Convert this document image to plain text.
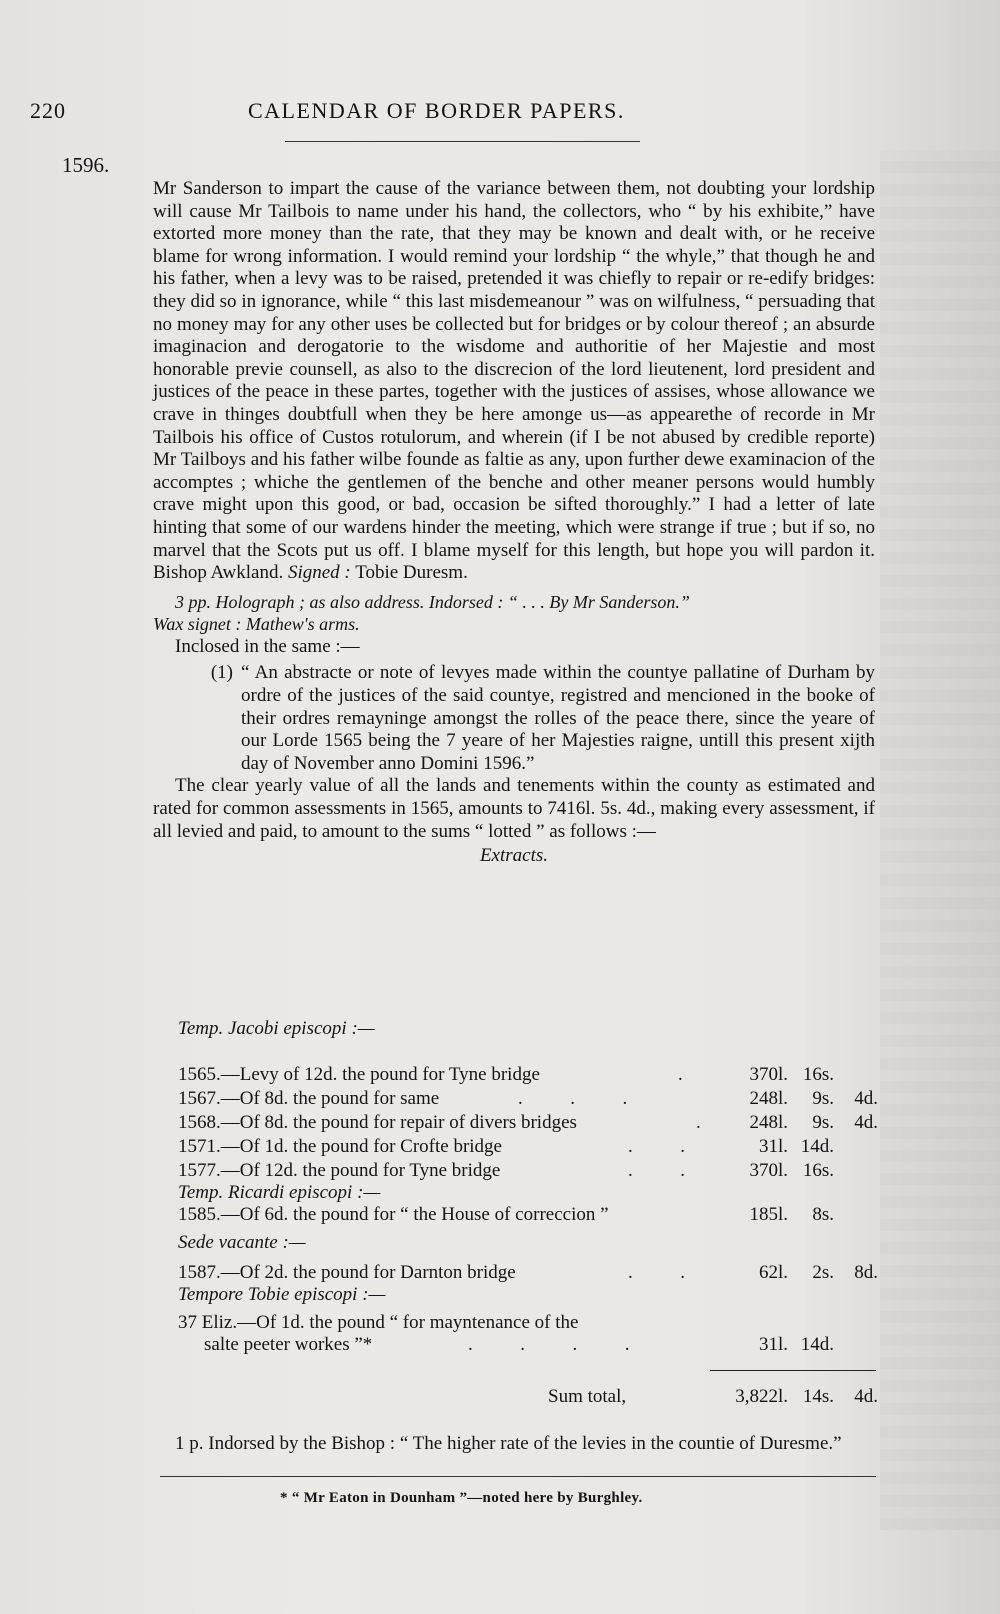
220	CALENDAR OF BORDER PAPERS.
1596.

Mr Sanderson to impart the cause of the variance between them, not doubting your lordship will cause Mr Tailbois to name under his hand, the collectors, who “ by his exhibite,” have extorted more money than the rate, that they may be known and dealt with, or he receive blame for wrong information. I would remind your lordship “ the whyle,” that though he and his father, when a levy was to be raised, pretended it was chiefly to repair or re-edify bridges: they did so in ignorance, while “ this last misdemeanour ” was on wilfulness, “ persuading that no money may for any other uses be collected but for bridges or by colour thereof ; an absurde imaginacion and derogatorie to the wisdome and authoritie of her Majestie and most honorable previe counsell, as also to the discrecion of the lord lieutenent, lord president and justices of the peace in these partes, together with the justices of assises, whose allowance we crave in thinges doubtfull when they be here amonge us—as appearethe of recorde in Mr Tailbois his office of Custos rotulorum, and wherein (if I be not abused by credible reporte) Mr Tailboys and his father wilbe founde as faltie as any, upon further dewe examinacion of the accomptes ; whiche the gentlemen of the benche and other meaner persons would humbly crave might upon this good, or bad, occasion be sifted thoroughly.” I had a letter of late hinting that some of our wardens hinder the meeting, which were strange if true ; but if so, no marvel that the Scots put us off. I blame myself for this length, but hope you will pardon it. Bishop Awkland. Signed : Tobie Duresm.

3 pp. Holograph ; as also address. Indorsed : “ . . . By Mr Sanderson.”

Wax signet : Mathew's arms.

Inclosed in the same :—

(1) “ An abstracte or note of levyes made within the countye pallatine of Durham by ordre of the justices of the said countye, registred and mencioned in the booke of their ordres remayninge amongst the rolles of the peace there, since the yeare of our Lorde 1565 being the 7 yeare of her Majesties raigne, untill this present xijth day of November anno Domini 1596.”

The clear yearly value of all the lands and tenements within the county as estimated and rated for common assessments in 1565, amounts to 7416l. 5s. 4d., making every assessment, if all levied and paid, to amount to the sums “ lotted ” as follows :—

Extracts.

Temp. Jacobi episcopi :—
1565.—Levy of 12d. the pound for Tyne bridge	.	370l. 16s.
1567.—Of 8d. the pound for same	.          .          .	248l.	9s.	4d.
1568.—Of 8d. the pound for repair of divers bridges	.	248l.	9s.	4d.
1571.—Of 1d. the pound for Crofte bridge	.          .	31l. 14d.
1577.—Of 12d. the pound for Tyne bridge	.          .	370l. 16s.
Temp. Ricardi episcopi :—
1585.—Of 6d. the pound for “ the House of correccion ”	185l.	8s.
Sede vacante :—
1587.—Of 2d. the pound for Darnton bridge	.          .	62l.	2s.	8d.
Tempore Tobie episcopi :—
37 Eliz.—Of 1d. the pound “ for mayntenance of the
salte peeter workes ”*	.          .          .          .	31l. 14d.
Sum total,	3,822l. 14s.	4d.

1 p. Indorsed by the Bishop : “ The higher rate of the levies in the countie of Duresme.”

* “ Mr Eaton in Dounham ”—noted here by Burghley.
